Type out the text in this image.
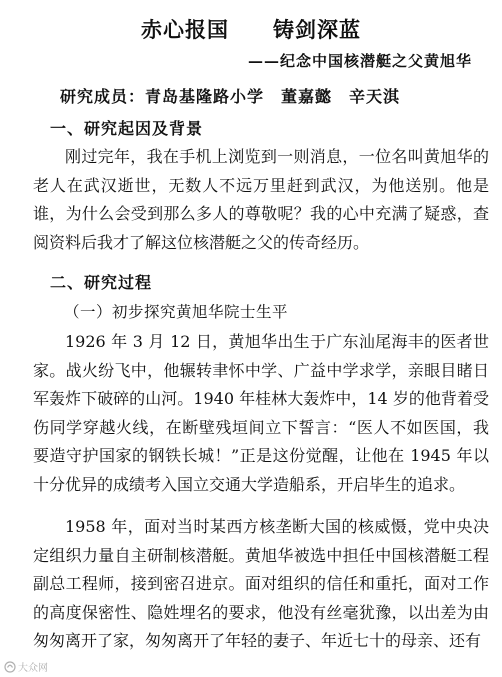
赤心报国　　铸剑深蓝
——纪念中国核潜艇之父黄旭华
研究成员：青岛基隆路小学　董嘉懿　辛天淇
一、研究起因及背景

刚过完年，我在手机上浏览到一则消息，一位名叫黄旭华的老人在武汉逝世，无数人不远万里赶到武汉，为他送别。他是谁，为什么会受到那么多人的尊敬呢？我的心中充满了疑惑，查阅资料后我才了解这位核潜艇之父的传奇经历。

二、研究过程
（一）初步探究黄旭华院士生平

1926 年 3 月 12 日，黄旭华出生于广东汕尾海丰的医者世家。战火纷飞中，他辗转聿怀中学、广益中学求学，亲眼目睹日军轰炸下破碎的山河。1940 年桂林大轰炸中，14 岁的他背着受伤同学穿越火线，在断壁残垣间立下誓言：“医人不如医国，我要造守护国家的钢铁长城！”正是这份觉醒，让他在 1945 年以十分优异的成绩考入国立交通大学造船系，开启毕生的追求。

1958 年，面对当时某西方核垄断大国的核威慑，党中央决定组织力量自主研制核潜艇。黄旭华被选中担任中国核潜艇工程副总工程师，接到密召进京。面对组织的信任和重托，面对工作的高度保密性、隐姓埋名的要求，他没有丝毫犹豫，以出差为由匆匆离开了家，匆匆离开了年轻的妻子、年近七十的母亲、还有

大众网
